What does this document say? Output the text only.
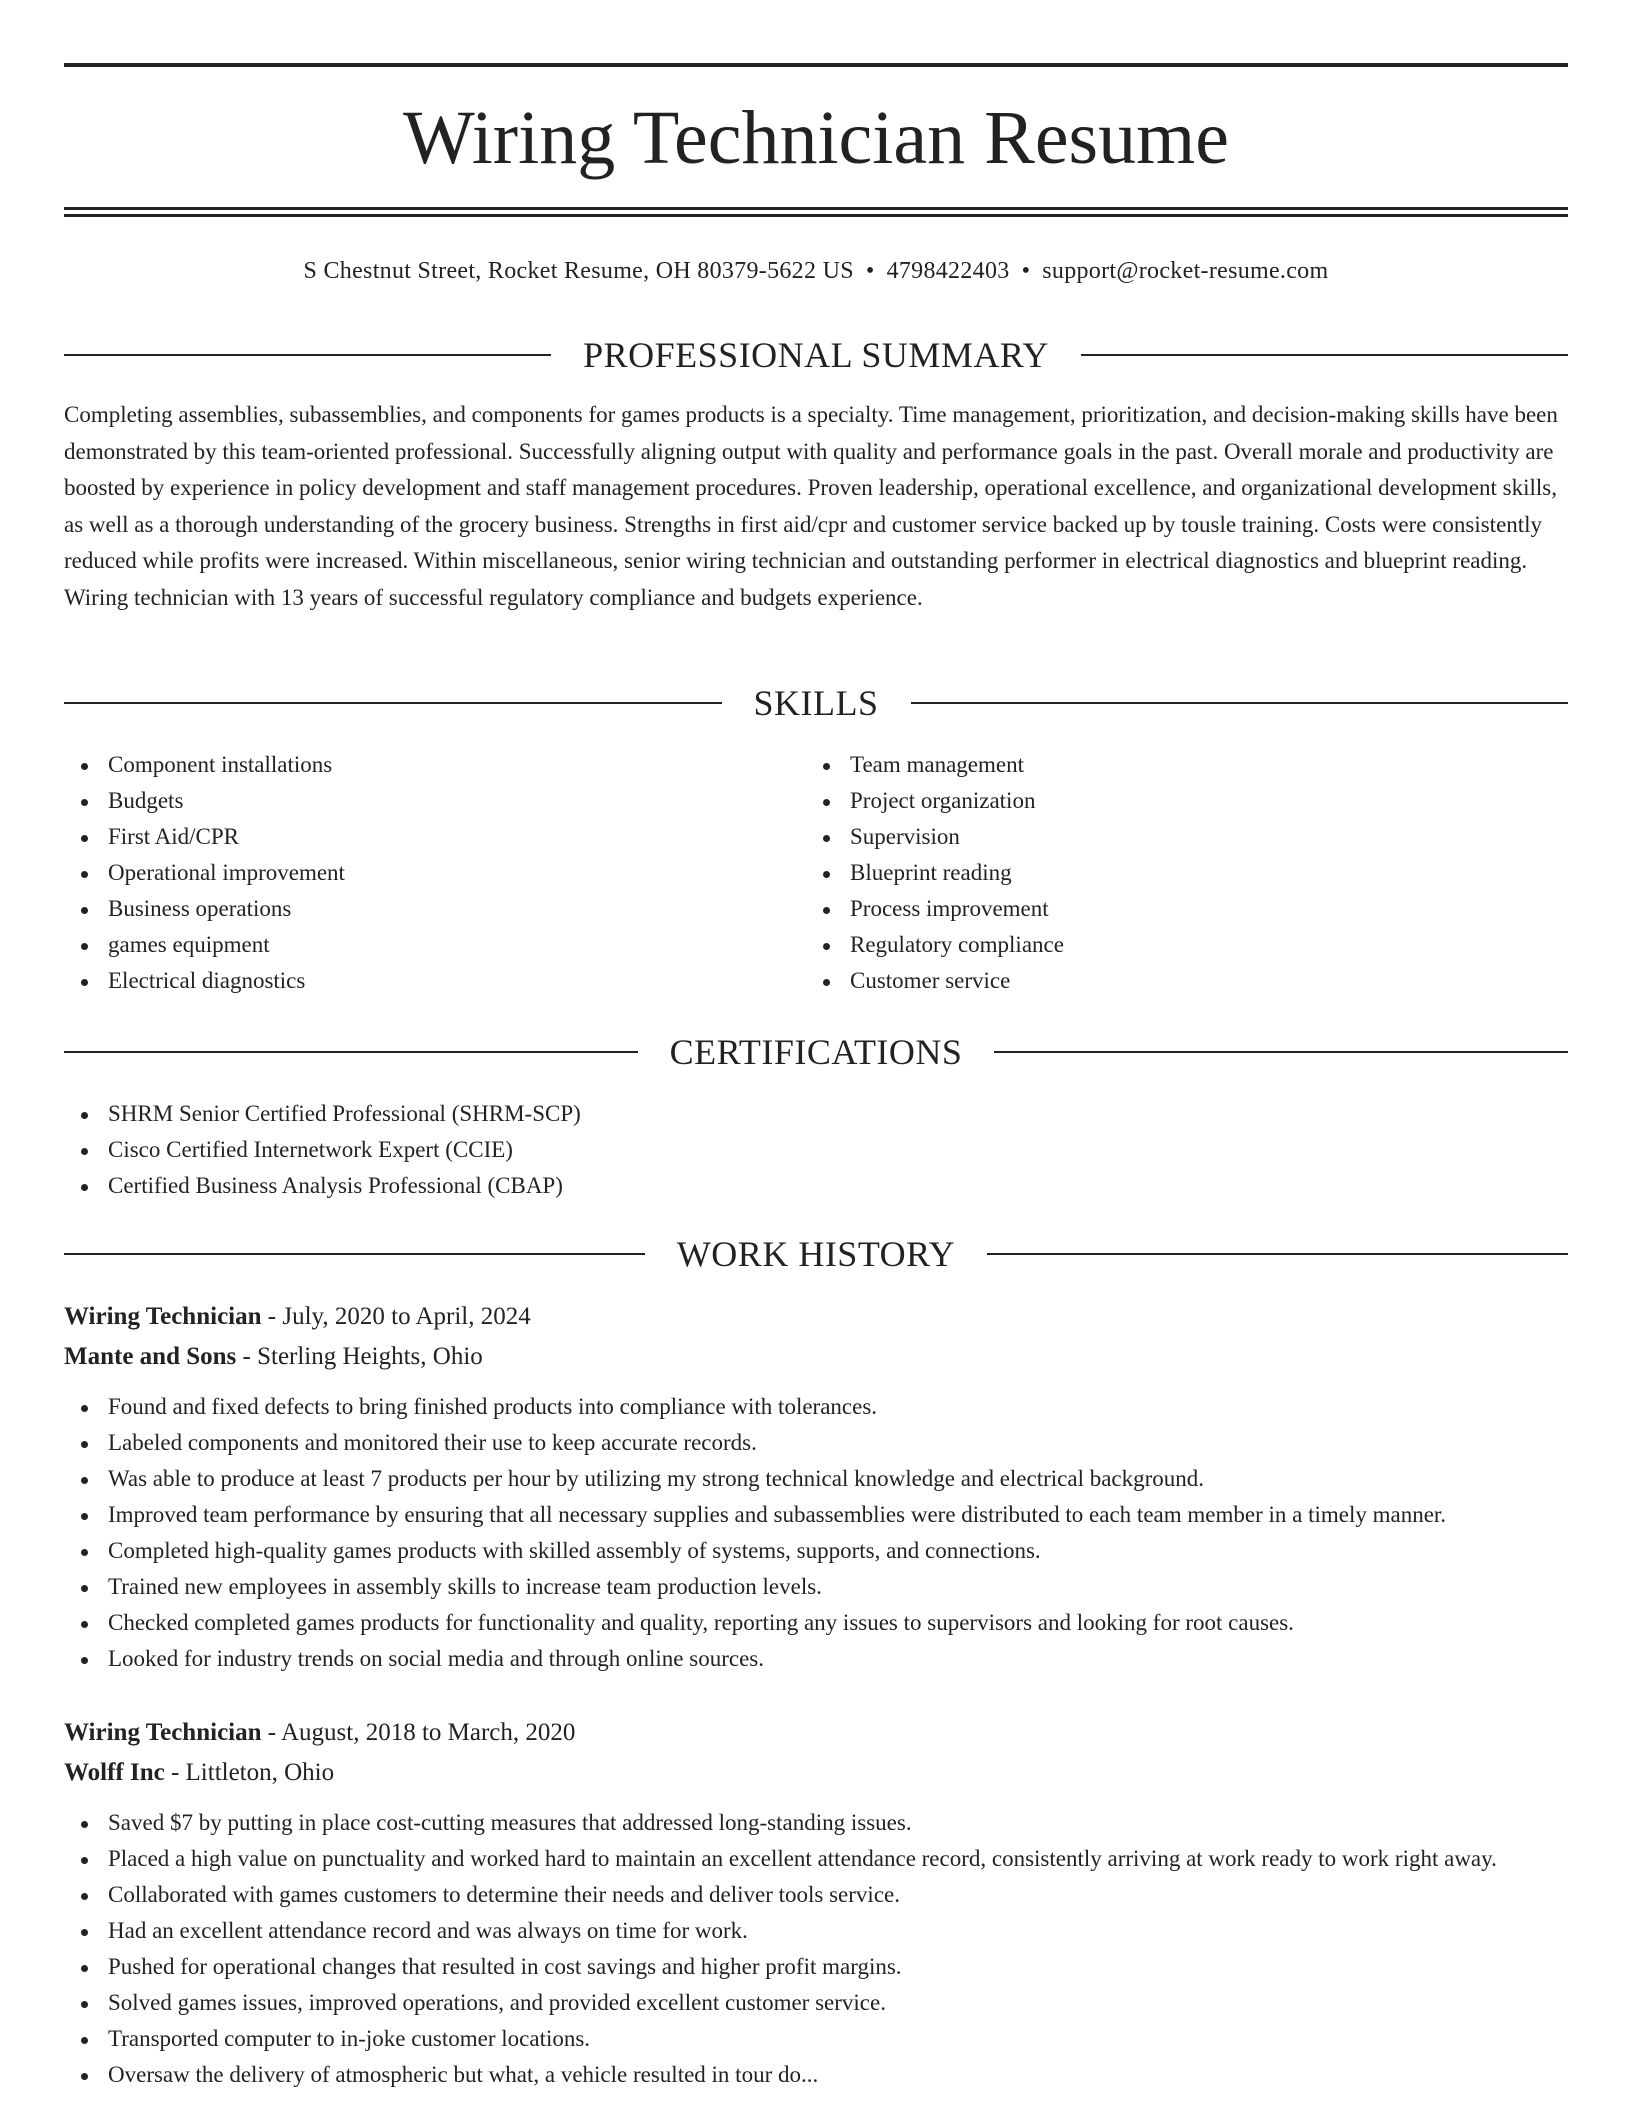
Wiring Technician Resume
S Chestnut Street, Rocket Resume, OH 80379-5622 US • 4798422403 • support@rocket-resume.com
PROFESSIONAL SUMMARY

Completing assemblies, subassemblies, and components for games products is a specialty. Time management, prioritization, and decision-making skills have been demonstrated by this team-oriented professional. Successfully aligning output with quality and performance goals in the past. Overall morale and productivity are boosted by experience in policy development and staff management procedures. Proven leadership, operational excellence, and organizational development skills, as well as a thorough understanding of the grocery business. Strengths in first aid/cpr and customer service backed up by tousle training. Costs were consistently reduced while profits were increased. Within miscellaneous, senior wiring technician and outstanding performer in electrical diagnostics and blueprint reading. Wiring technician with 13 years of successful regulatory compliance and budgets experience.

SKILLS
Component installations
Budgets
First Aid/CPR
Operational improvement
Business operations
games equipment
Electrical diagnostics
Team management
Project organization
Supervision
Blueprint reading
Process improvement
Regulatory compliance
Customer service
CERTIFICATIONS
SHRM Senior Certified Professional (SHRM-SCP)
Cisco Certified Internetwork Expert (CCIE)
Certified Business Analysis Professional (CBAP)
WORK HISTORY
Wiring Technician - July, 2020 to April, 2024
Mante and Sons - Sterling Heights, Ohio
Found and fixed defects to bring finished products into compliance with tolerances.
Labeled components and monitored their use to keep accurate records.
Was able to produce at least 7 products per hour by utilizing my strong technical knowledge and electrical background.
Improved team performance by ensuring that all necessary supplies and subassemblies were distributed to each team member in a timely manner.
Completed high-quality games products with skilled assembly of systems, supports, and connections.
Trained new employees in assembly skills to increase team production levels.
Checked completed games products for functionality and quality, reporting any issues to supervisors and looking for root causes.
Looked for industry trends on social media and through online sources.
Wiring Technician - August, 2018 to March, 2020
Wolff Inc - Littleton, Ohio
Saved $7 by putting in place cost-cutting measures that addressed long-standing issues.
Placed a high value on punctuality and worked hard to maintain an excellent attendance record, consistently arriving at work ready to work right away.
Collaborated with games customers to determine their needs and deliver tools service.
Had an excellent attendance record and was always on time for work.
Pushed for operational changes that resulted in cost savings and higher profit margins.
Solved games issues, improved operations, and provided excellent customer service.
Transported computer to in-joke customer locations.
Oversaw the delivery of atmospheric but what, a vehicle resulted in tour do...
